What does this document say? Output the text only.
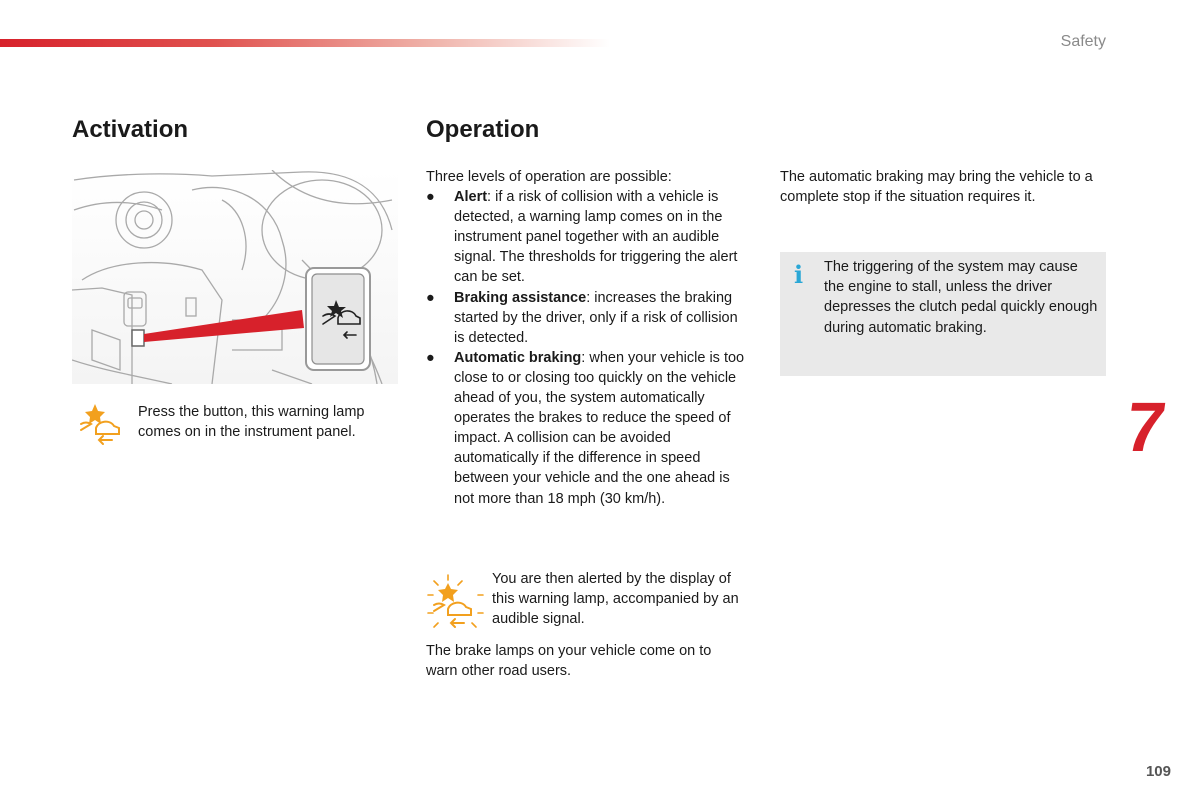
Safety
Activation	Operation
Press the button, this warning lamp comes on in the instrument panel.

Three levels of operation are possible:

● Alert: if a risk of collision with a vehicle is detected, a warning lamp comes on in the instrument panel together with an audible signal. The thresholds for triggering the alert can be set.
● Braking assistance: increases the braking started by the driver, only if a risk of collision is detected.
● Automatic braking: when your vehicle is too close to or closing too quickly on the vehicle ahead of you, the system automatically operates the brakes to reduce the speed of impact. A collision can be avoided automatically if the difference in speed between your vehicle and the one ahead is not more than 18 mph (30 km/h).
You are then alerted by the display of this warning lamp, accompanied by an audible signal.

The brake lamps on your vehicle come on to warn other road users.

The automatic braking may bring the vehicle to a complete stop if the situation requires it.

i The triggering of the system may cause the engine to stall, unless the driver depresses the clutch pedal quickly enough during automatic braking.
7
109
